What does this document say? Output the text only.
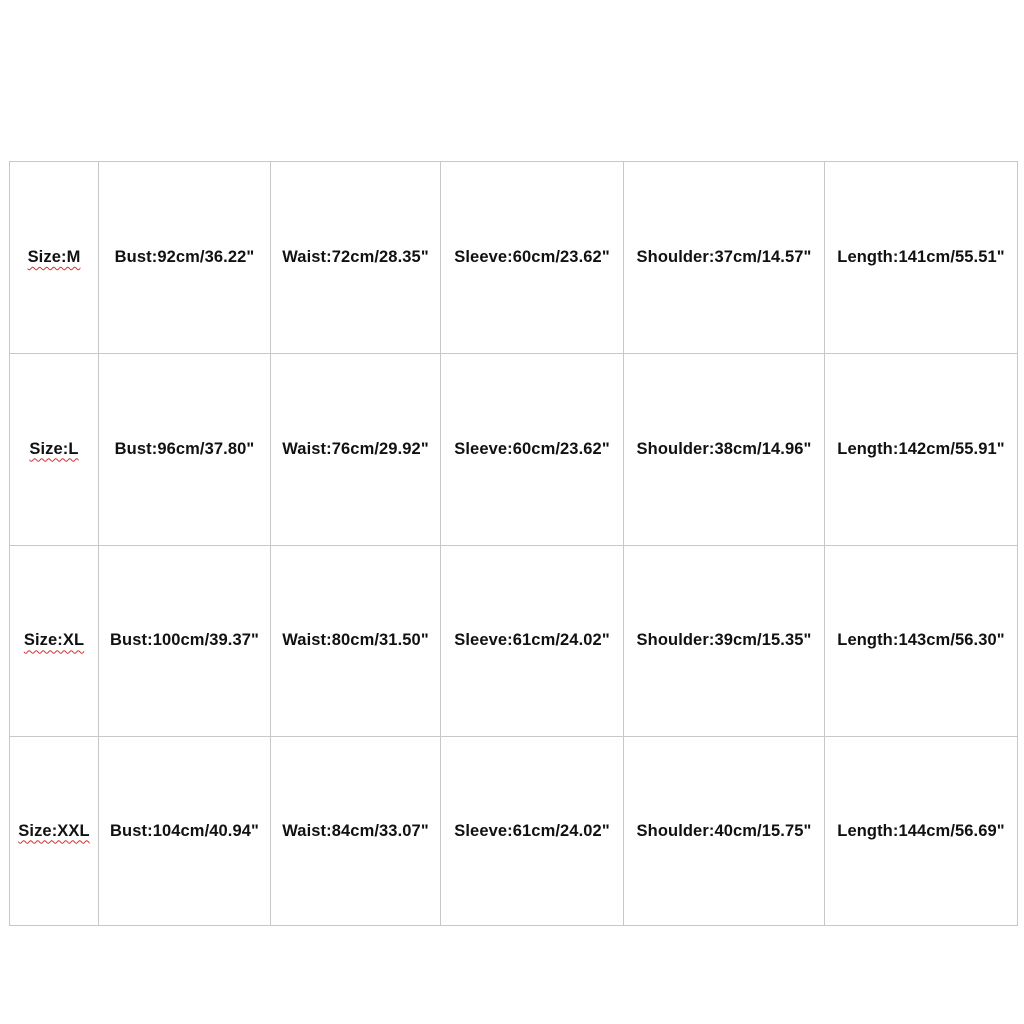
Size:M	Bust:92cm/36.22"	Waist:72cm/28.35"	Sleeve:60cm/23.62"	Shoulder:37cm/14.57"	Length:141cm/55.51"
Size:L	Bust:96cm/37.80"	Waist:76cm/29.92"	Sleeve:60cm/23.62"	Shoulder:38cm/14.96"	Length:142cm/55.91"
Size:XL	Bust:100cm/39.37"	Waist:80cm/31.50"	Sleeve:61cm/24.02"	Shoulder:39cm/15.35"	Length:143cm/56.30"
Size:XXL	Bust:104cm/40.94"	Waist:84cm/33.07"	Sleeve:61cm/24.02"	Shoulder:40cm/15.75"	Length:144cm/56.69"
